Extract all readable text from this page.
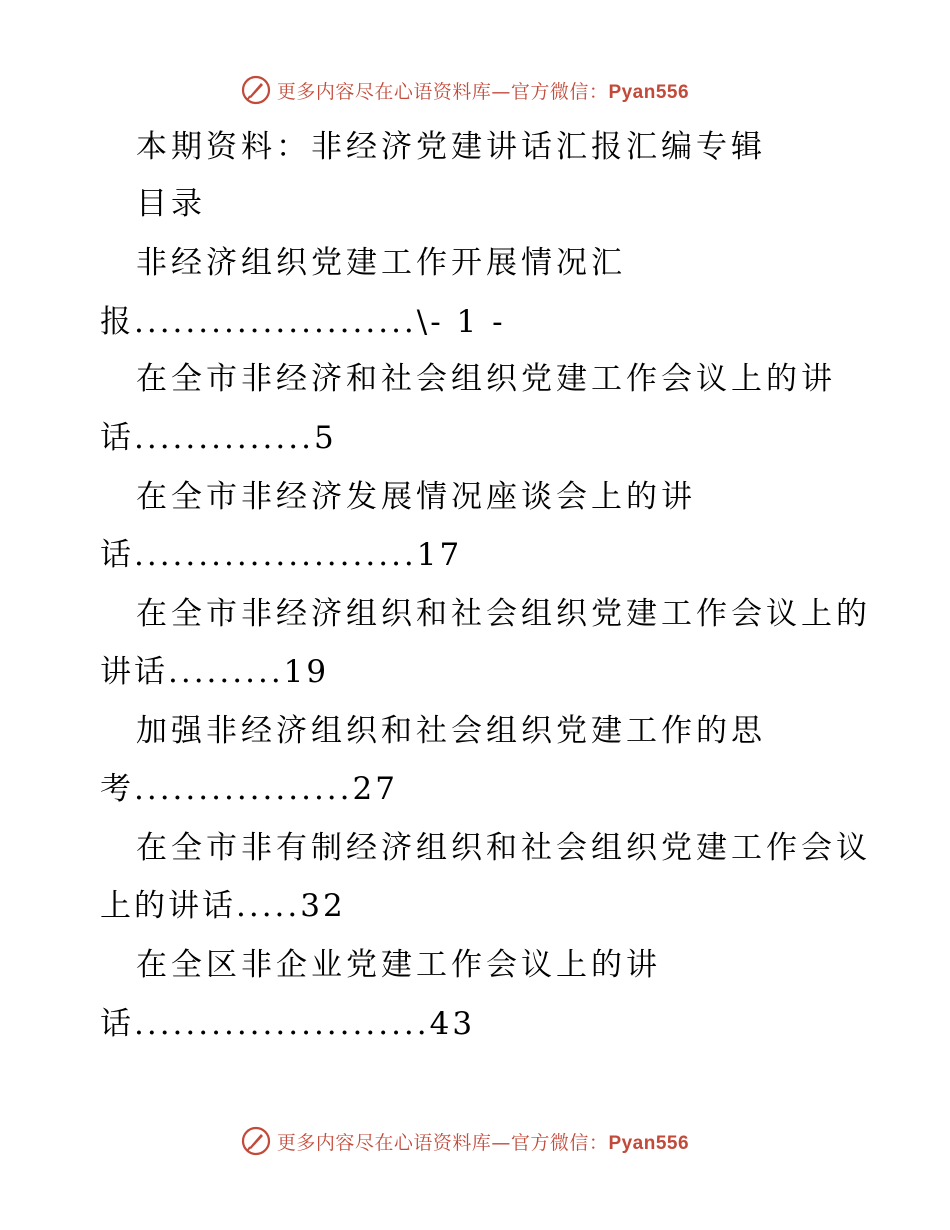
更多内容尽在心语资料库—官方微信：Pyan556
本期资料：非经济党建讲话汇报汇编专辑
目录
非经济组织党建工作开展情况汇
报......................\- 1 -
在全市非经济和社会组织党建工作会议上的讲
话..............5
在全市非经济发展情况座谈会上的讲
话......................17
在全市非经济组织和社会组织党建工作会议上的
讲话.........19
加强非经济组织和社会组织党建工作的思
考.................27
在全市非有制经济组织和社会组织党建工作会议
上的讲话.....32
在全区非企业党建工作会议上的讲
话.......................43
更多内容尽在心语资料库—官方微信：Pyan556
